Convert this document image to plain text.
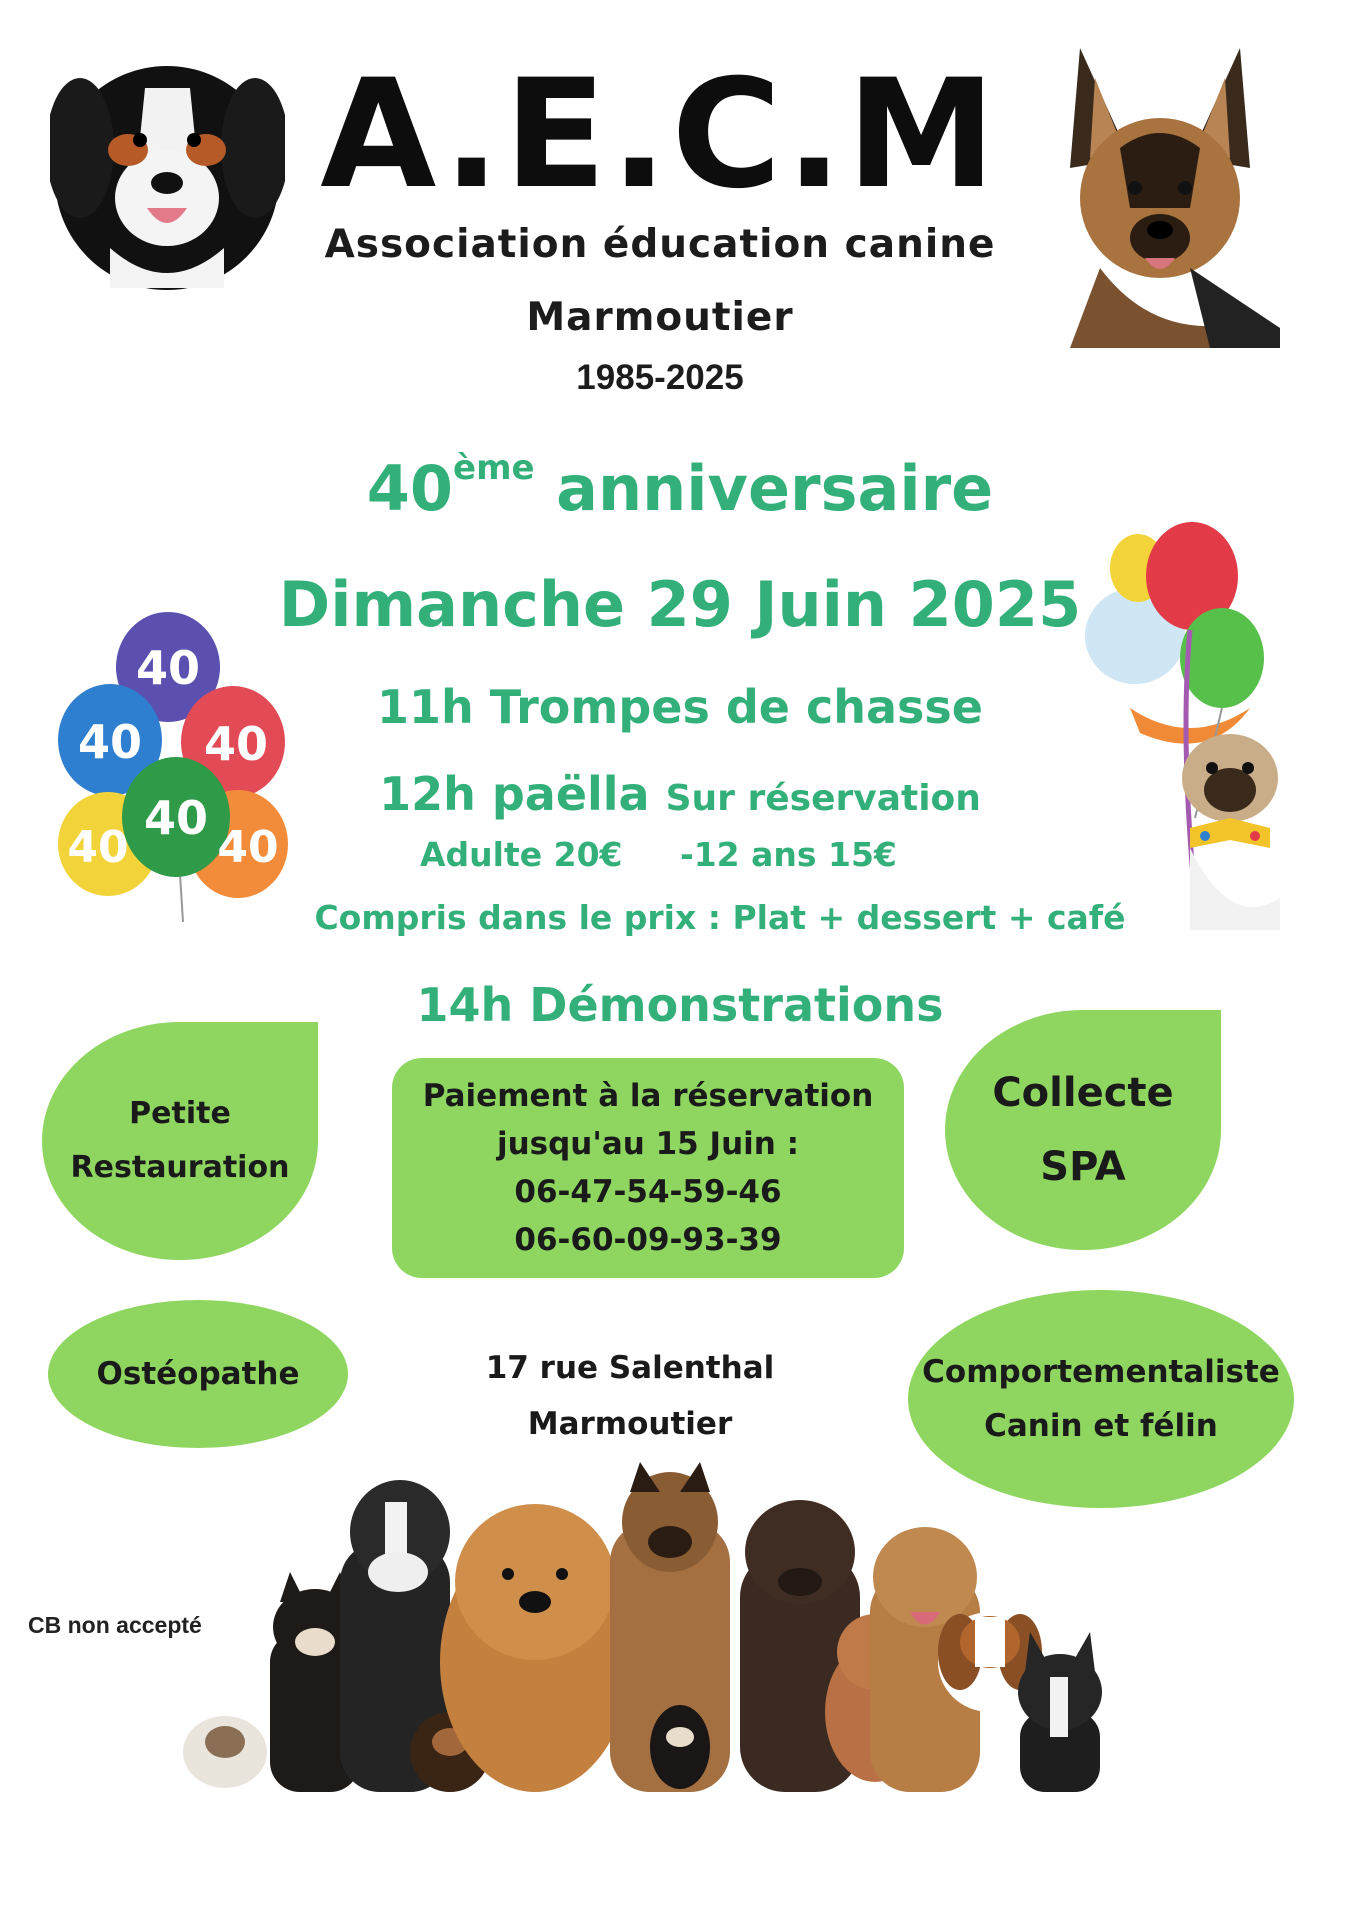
A.E.C.M
Association éducation canine
Marmoutier
1985-2025
40
40 40
40
40 40
40ème anniversaire
Dimanche 29 Juin 2025
11h Trompes de chasse
12h paëlla Sur réservation
Adulte 20€ -12 ans 15€
Compris dans le prix : Plat + dessert + café
14h Démonstrations
Petite
Restauration
Paiement à la réservation
jusqu'au 15 Juin :
06-47-54-59-46
06-60-09-93-39
Collecte
SPA
Ostéopathe	17 rue Salenthal
Marmoutier
Comportementaliste
Canin et félin
CB non accepté
